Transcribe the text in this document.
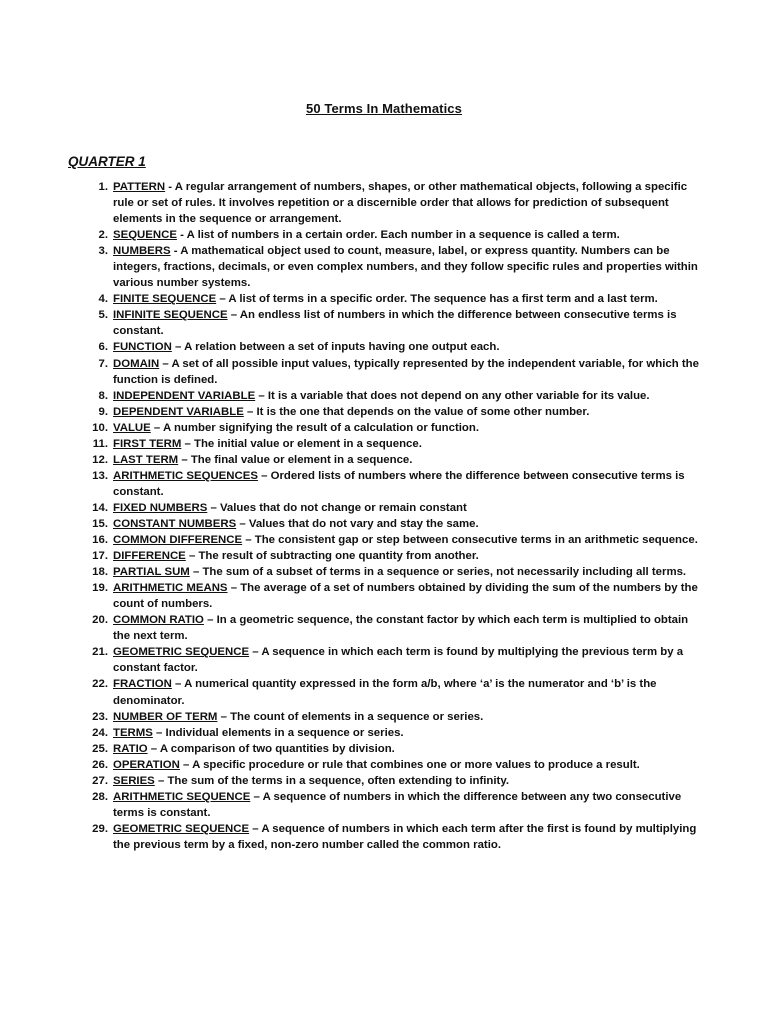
50 Terms In Mathematics
QUARTER 1
1. PATTERN - A regular arrangement of numbers, shapes, or other mathematical objects, following a specific rule or set of rules. It involves repetition or a discernible order that allows for prediction of subsequent elements in the sequence or arrangement.
2. SEQUENCE - A list of numbers in a certain order. Each number in a sequence is called a term.
3. NUMBERS - A mathematical object used to count, measure, label, or express quantity. Numbers can be integers, fractions, decimals, or even complex numbers, and they follow specific rules and properties within various number systems.
4. FINITE SEQUENCE – A list of terms in a specific order. The sequence has a first term and a last term.
5. INFINITE SEQUENCE – An endless list of numbers in which the difference between consecutive terms is constant.
6. FUNCTION – A relation between a set of inputs having one output each.
7. DOMAIN – A set of all possible input values, typically represented by the independent variable, for which the function is defined.
8. INDEPENDENT VARIABLE – It is a variable that does not depend on any other variable for its value.
9. DEPENDENT VARIABLE – It is the one that depends on the value of some other number.
10. VALUE – A number signifying the result of a calculation or function.
11. FIRST TERM – The initial value or element in a sequence.
12. LAST TERM – The final value or element in a sequence.
13. ARITHMETIC SEQUENCES – Ordered lists of numbers where the difference between consecutive terms is constant.
14. FIXED NUMBERS – Values that do not change or remain constant
15. CONSTANT NUMBERS – Values that do not vary and stay the same.
16. COMMON DIFFERENCE – The consistent gap or step between consecutive terms in an arithmetic sequence.
17. DIFFERENCE – The result of subtracting one quantity from another.
18. PARTIAL SUM – The sum of a subset of terms in a sequence or series, not necessarily including all terms.
19. ARITHMETIC MEANS – The average of a set of numbers obtained by dividing the sum of the numbers by the count of numbers.
20. COMMON RATIO – In a geometric sequence, the constant factor by which each term is multiplied to obtain the next term.
21. GEOMETRIC SEQUENCE – A sequence in which each term is found by multiplying the previous term by a constant factor.
22. FRACTION – A numerical quantity expressed in the form a/b, where ‘a’ is the numerator and ‘b’ is the denominator.
23. NUMBER OF TERM – The count of elements in a sequence or series.
24. TERMS – Individual elements in a sequence or series.
25. RATIO – A comparison of two quantities by division.
26. OPERATION – A specific procedure or rule that combines one or more values to produce a result.
27. SERIES – The sum of the terms in a sequence, often extending to infinity.
28. ARITHMETIC SEQUENCE – A sequence of numbers in which the difference between any two consecutive terms is constant.
29. GEOMETRIC SEQUENCE – A sequence of numbers in which each term after the first is found by multiplying the previous term by a fixed, non-zero number called the common ratio.
